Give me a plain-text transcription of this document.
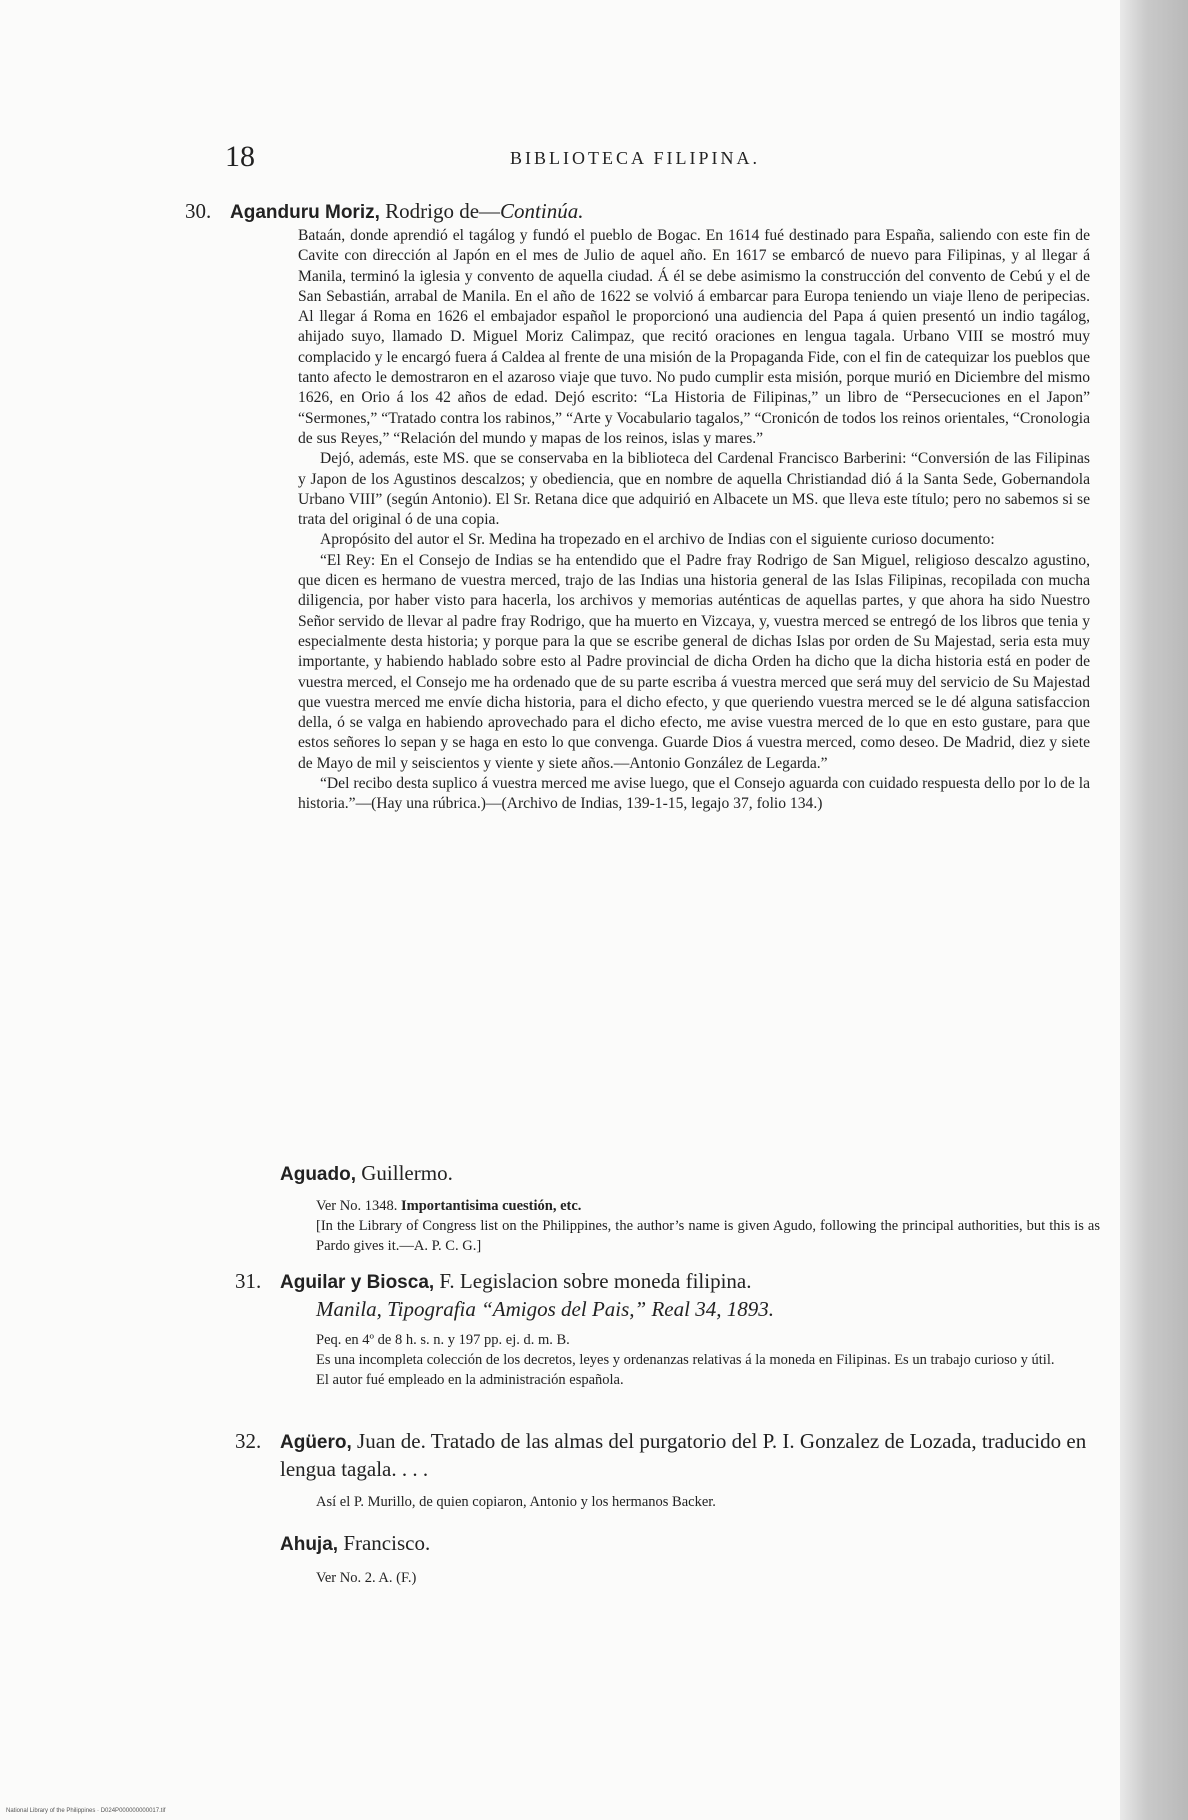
18	BIBLIOTECA FILIPINA.

30. Aganduru Moriz, Rodrigo de—Continúa.

Bataán, donde aprendió el tagálog y fundó el pueblo de Bogac. En 1614 fué destinado para España, saliendo con este fin de Cavite con dirección al Japón en el mes de Julio de aquel año. En 1617 se embarcó de nuevo para Filipinas, y al llegar á Manila, terminó la iglesia y convento de aquella ciudad. Á él se debe asimismo la construcción del convento de Cebú y el de San Sebastián, arrabal de Manila. En el año de 1622 se volvió á embarcar para Europa teniendo un viaje lleno de peripecias. Al llegar á Roma en 1626 el embajador español le proporcionó una audiencia del Papa á quien presentó un indio tagálog, ahijado suyo, llamado D. Miguel Moriz Calimpaz, que recitó oraciones en lengua tagala. Urbano VIII se mostró muy complacido y le encargó fuera á Caldea al frente de una misión de la Propaganda Fide, con el fin de catequizar los pueblos que tanto afecto le demostraron en el azaroso viaje que tuvo. No pudo cumplir esta misión, porque murió en Diciembre del mismo 1626, en Orio á los 42 años de edad. Dejó escrito: “La Historia de Filipinas,” un libro de “Persecuciones en el Japon” “Sermones,” “Tratado contra los rabinos,” “Arte y Vocabulario tagalos,” “Cronicón de todos los reinos orientales, “Cronologia de sus Reyes,” “Relación del mundo y mapas de los reinos, islas y mares.”

Dejó, además, este MS. que se conservaba en la biblioteca del Cardenal Francisco Barberini: “Conversión de las Filipinas y Japon de los Agustinos descalzos; y obediencia, que en nombre de aquella Christiandad dió á la Santa Sede, Gobernandola Urbano VIII” (según Antonio). El Sr. Retana dice que adquirió en Albacete un MS. que lleva este título; pero no sabemos si se trata del original ó de una copia.

Apropósito del autor el Sr. Medina ha tropezado en el archivo de Indias con el siguiente curioso documento:

“El Rey: En el Consejo de Indias se ha entendido que el Padre fray Rodrigo de San Miguel, religioso descalzo agustino, que dicen es hermano de vuestra merced, trajo de las Indias una historia general de las Islas Filipinas, recopilada con mucha diligencia, por haber visto para hacerla, los archivos y memorias auténticas de aquellas partes, y que ahora ha sido Nuestro Señor servido de llevar al padre fray Rodrigo, que ha muerto en Vizcaya, y, vuestra merced se entregó de los libros que tenia y especialmente desta historia; y porque para la que se escribe general de dichas Islas por orden de Su Majestad, seria esta muy importante, y habiendo hablado sobre esto al Padre provincial de dicha Orden ha dicho que la dicha historia está en poder de vuestra merced, el Consejo me ha ordenado que de su parte escriba á vuestra merced que será muy del servicio de Su Majestad que vuestra merced me envíe dicha historia, para el dicho efecto, y que queriendo vuestra merced se le dé alguna satisfaccion della, ó se valga en habiendo aprovechado para el dicho efecto, me avise vuestra merced de lo que en esto gustare, para que estos señores lo sepan y se haga en esto lo que convenga. Guarde Dios á vuestra merced, como deseo. De Madrid, diez y siete de Mayo de mil y seiscientos y viente y siete años.—Antonio González de Legarda.”

“Del recibo desta suplico á vuestra merced me avise luego, que el Consejo aguarda con cuidado respuesta dello por lo de la historia.”—(Hay una rúbrica.)—(Archivo de Indias, 139-1-15, legajo 37, folio 134.)

Aguado, Guillermo.

Ver No. 1348. Importantisima cuestión, etc.

[In the Library of Congress list on the Philippines, the author’s name is given Agudo, following the principal authorities, but this is as Pardo gives it.—A. P. C. G.]

31. Aguilar y Biosca, F. Legislacion sobre moneda filipina.

Manila, Tipografia “Amigos del Pais,” Real 34, 1893.

Peq. en 4º de 8 h. s. n. y 197 pp. ej. d. m. B.

Es una incompleta colección de los decretos, leyes y ordenanzas relativas á la moneda en Filipinas. Es un trabajo curioso y útil.

El autor fué empleado en la administración española.

32. Agüero, Juan de. Tratado de las almas del purgatorio del P. I. Gonzalez de Lozada, traducido en lengua tagala. . . .

Así el P. Murillo, de quien copiaron, Antonio y los hermanos Backer.

Ahuja, Francisco.

Ver No. 2. A. (F.)

National Library of the Philippines · D024P000000000017.tif
